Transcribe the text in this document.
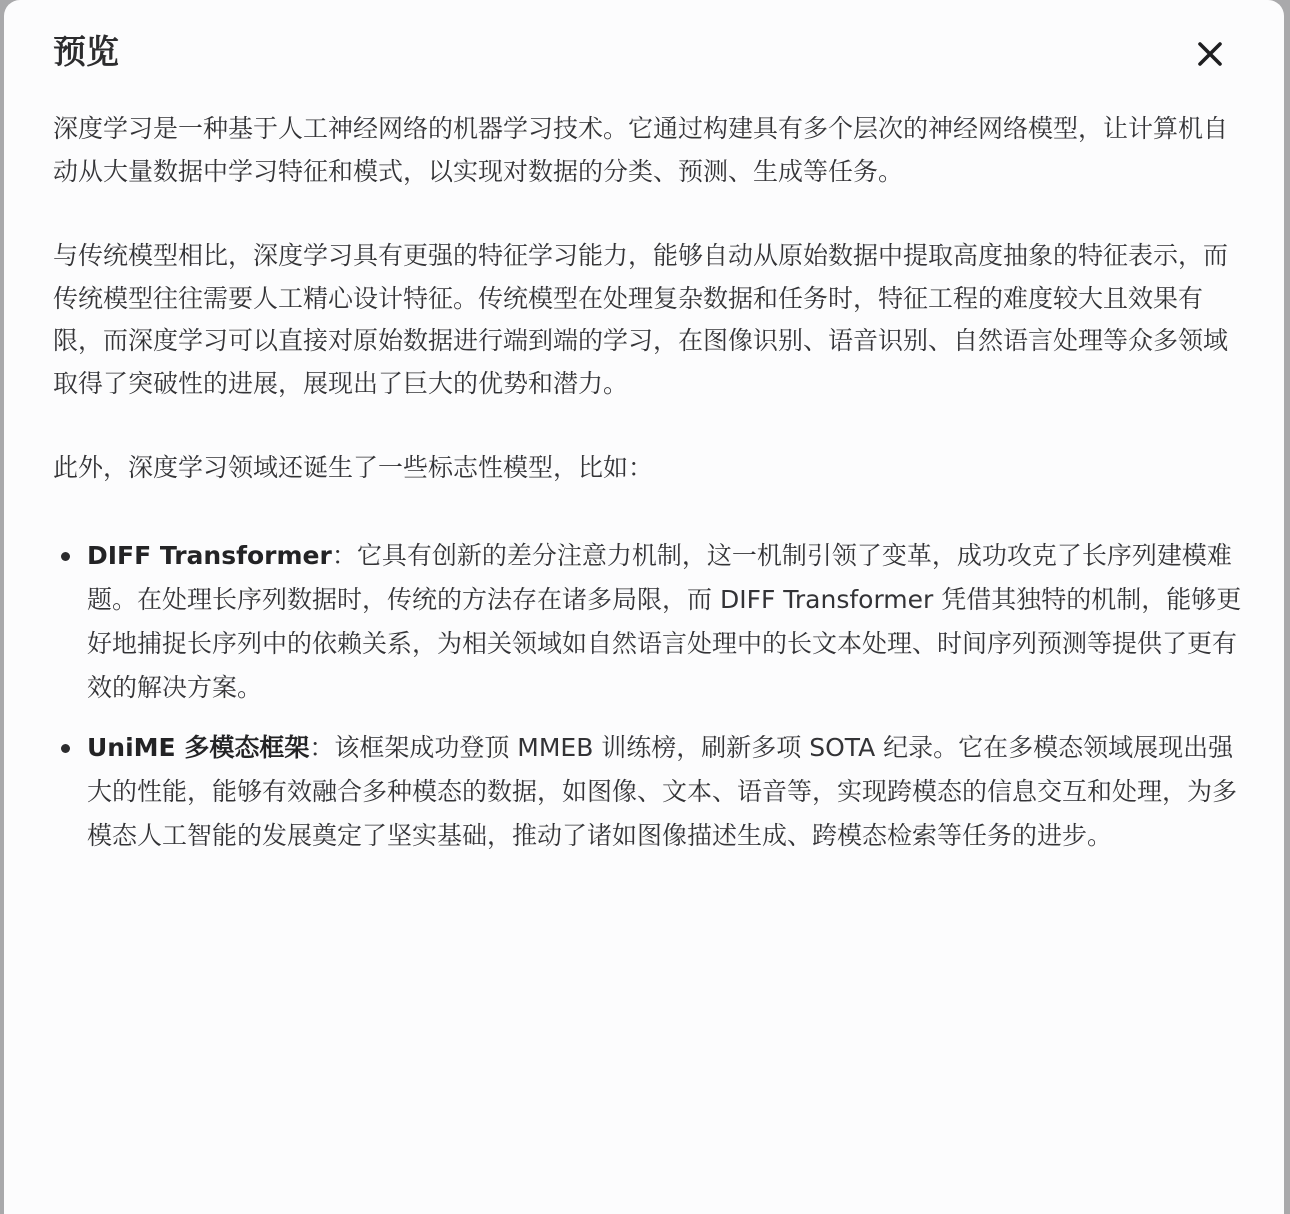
预览

深度学习是一种基于人工神经网络的机器学习技术。它通过构建具有多个层次的神经网络模型，让计算机自动从大量数据中学习特征和模式，以实现对数据的分类、预测、生成等任务。

与传统模型相比，深度学习具有更强的特征学习能力，能够自动从原始数据中提取高度抽象的特征表示，而传统模型往往需要人工精心设计特征。传统模型在处理复杂数据和任务时，特征工程的难度较大且效果有限，而深度学习可以直接对原始数据进行端到端的学习，在图像识别、语音识别、自然语言处理等众多领域取得了突破性的进展，展现出了巨大的优势和潜力。

此外，深度学习领域还诞生了一些标志性模型，比如：

DIFF Transformer：它具有创新的差分注意力机制，这一机制引领了变革，成功攻克了长序列建模难题。在处理长序列数据时，传统的方法存在诸多局限，而 DIFF Transformer 凭借其独特的机制，能够更好地捕捉长序列中的依赖关系，为相关领域如自然语言处理中的长文本处理、时间序列预测等提供了更有效的解决方案。
UniME 多模态框架：该框架成功登顶 MMEB 训练榜，刷新多项 SOTA 纪录。它在多模态领域展现出强大的性能，能够有效融合多种模态的数据，如图像、文本、语音等，实现跨模态的信息交互和处理，为多模态人工智能的发展奠定了坚实基础，推动了诸如图像描述生成、跨模态检索等任务的进步。
